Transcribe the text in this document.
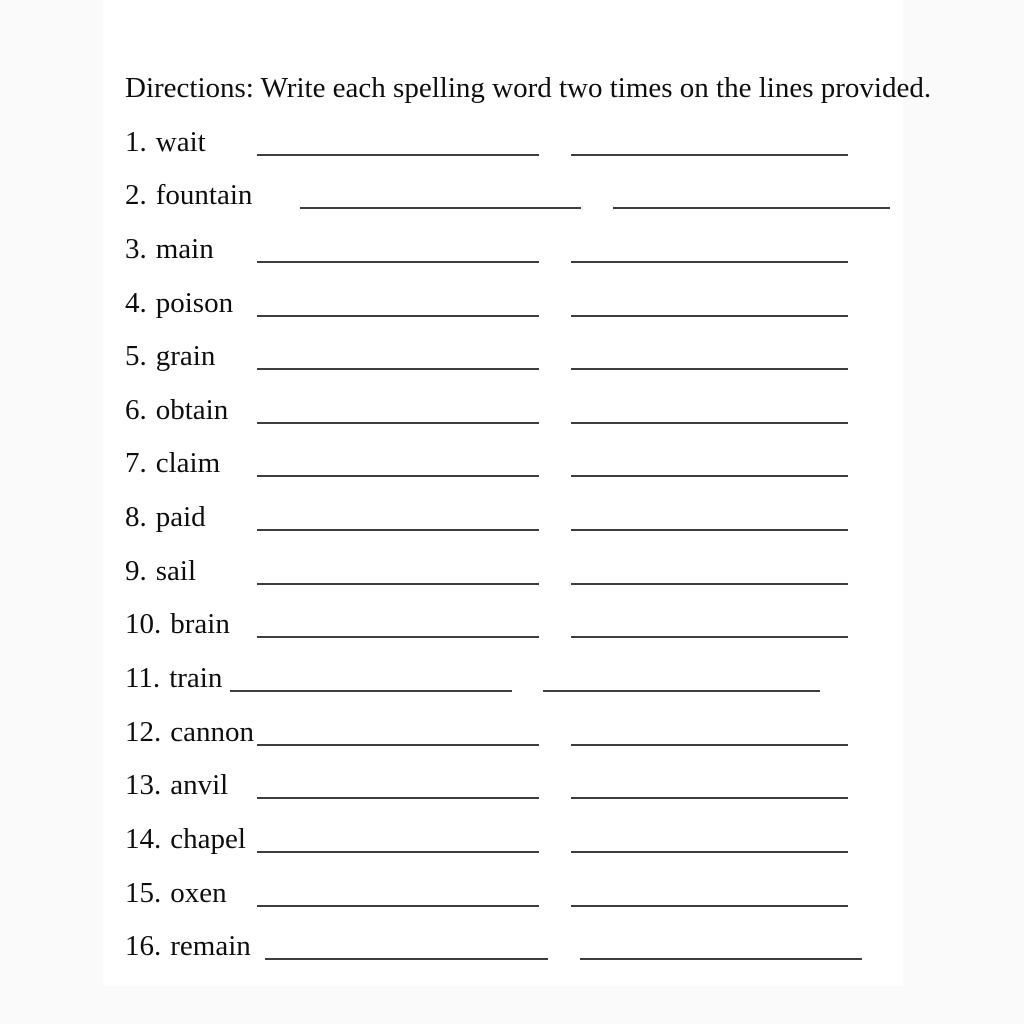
Directions: Write each spelling word two times on the lines provided.
1. wait
2. fountain
3. main
4. poison
5. grain
6. obtain
7. claim
8. paid
9. sail
10. brain
11. train
12. cannon
13. anvil
14. chapel
15. oxen
16. remain
